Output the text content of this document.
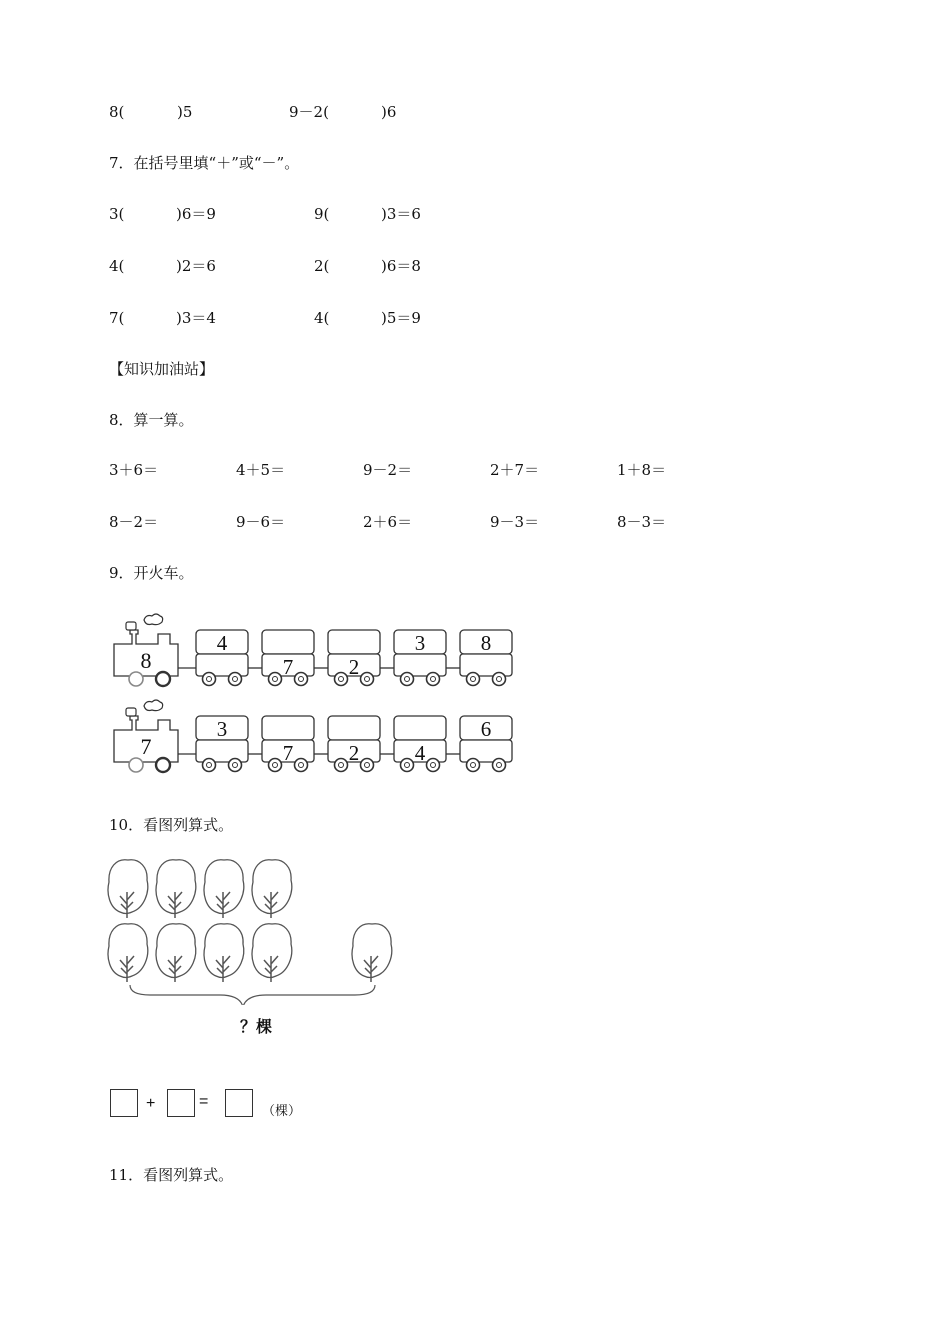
8(	)5	9－2(	)6
7．在括号里填“＋”或“－”。
3(	)6＝9	9(	)3＝6
4(	)2＝6	2(	)6＝8
7(	)3＝4	4(	)5＝9
【知识加油站】
8．算一算。
3＋6＝	4＋5＝	9－2＝	2＋7＝	1＋8＝
8－2＝	9－6＝	2＋6＝	9－3＝	8－3＝
9．开火车。
8
4
7	2
3	8
7
3
7	2	4
6
10．看图列算式。
？棵
+	=
（棵）
11．看图列算式。
